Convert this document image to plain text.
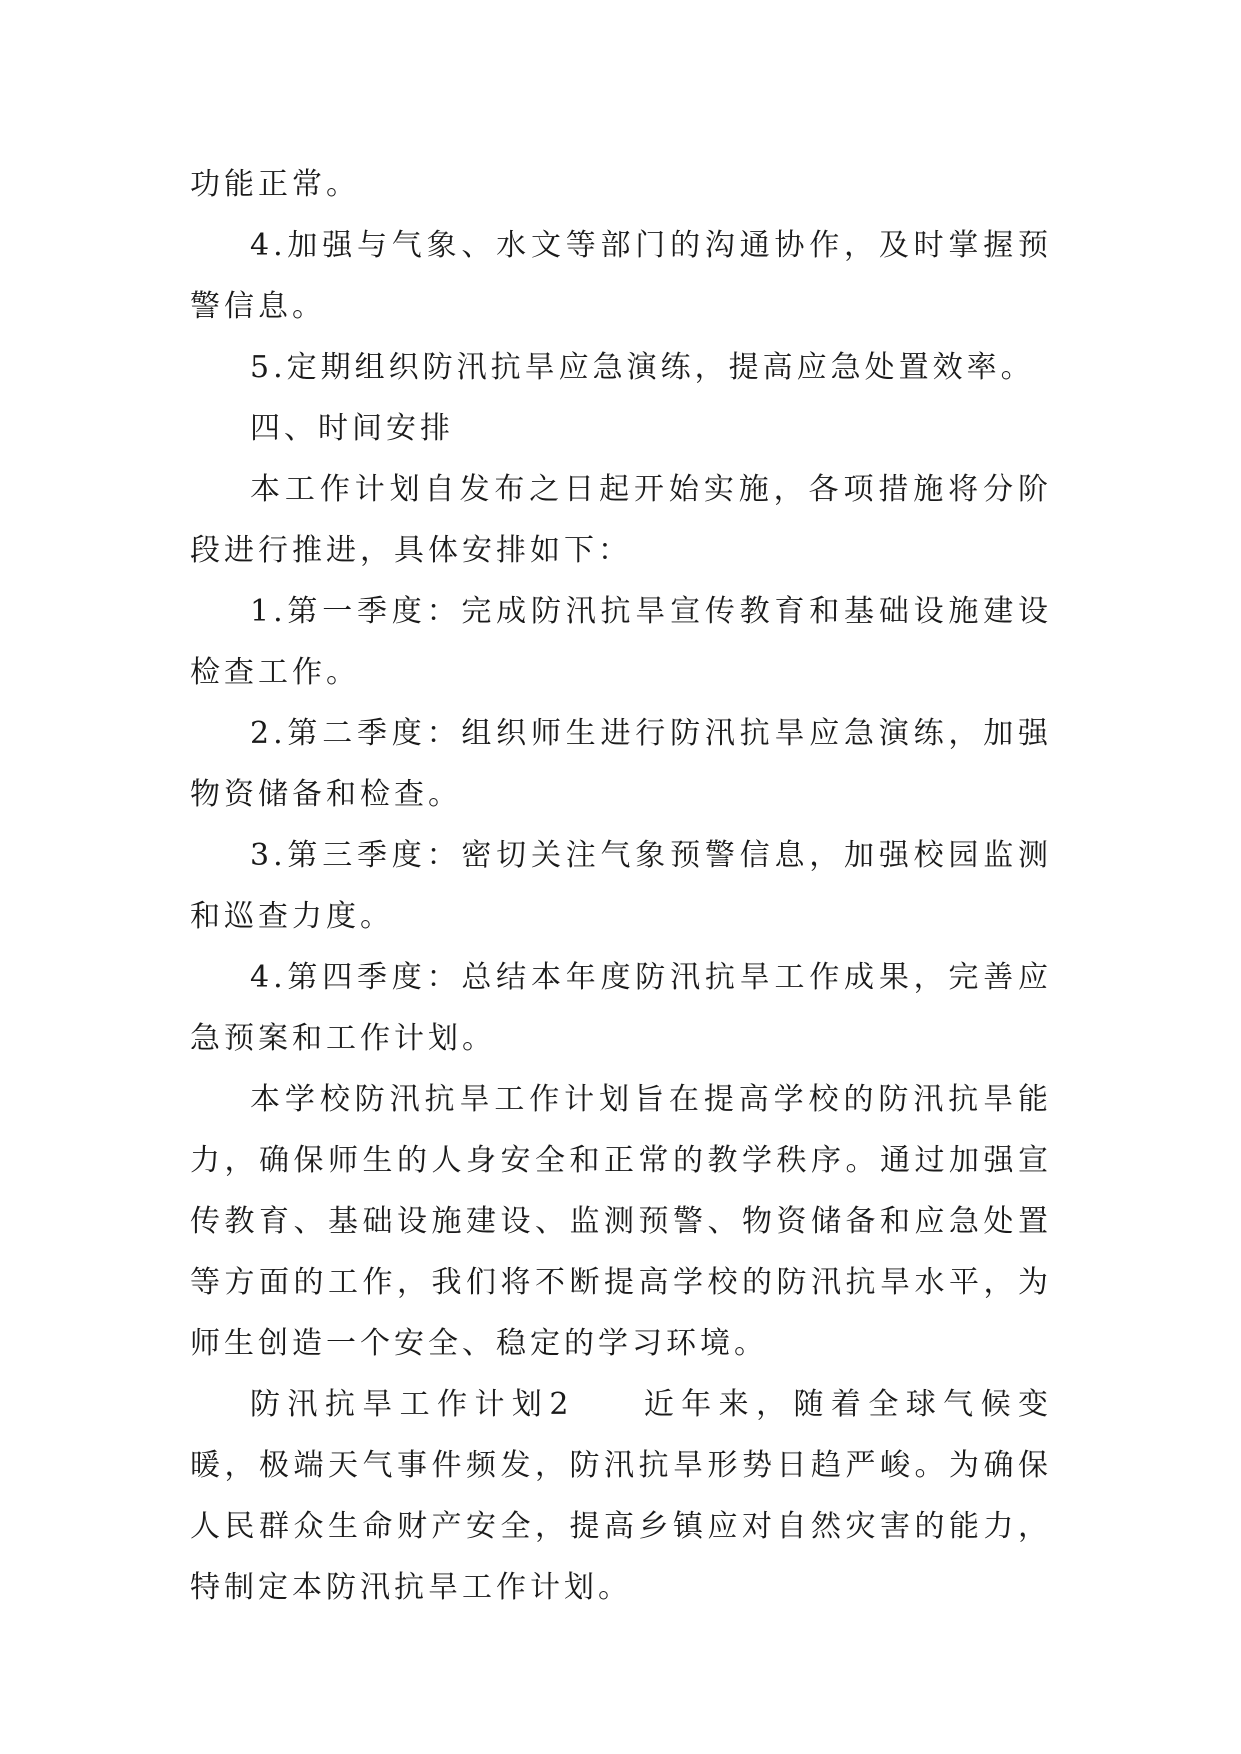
功能正常。

4.加强与气象、水文等部门的沟通协作，及时掌握预警信息。

5.定期组织防汛抗旱应急演练，提高应急处置效率。

四、时间安排

本工作计划自发布之日起开始实施，各项措施将分阶段进行推进，具体安排如下：

1.第一季度：完成防汛抗旱宣传教育和基础设施建设检查工作。

2.第二季度：组织师生进行防汛抗旱应急演练，加强物资储备和检查。

3.第三季度：密切关注气象预警信息，加强校园监测和巡查力度。

4.第四季度：总结本年度防汛抗旱工作成果，完善应急预案和工作计划。

本学校防汛抗旱工作计划旨在提高学校的防汛抗旱能力，确保师生的人身安全和正常的教学秩序。通过加强宣传教育、基础设施建设、监测预警、物资储备和应急处置等方面的工作，我们将不断提高学校的防汛抗旱水平，为师生创造一个安全、稳定的学习环境。

防汛抗旱工作计划2 近年来，随着全球气候变暖，极端天气事件频发，防汛抗旱形势日趋严峻。为确保人民群众生命财产安全，提高乡镇应对自然灾害的能力，特制定本防汛抗旱工作计划。
